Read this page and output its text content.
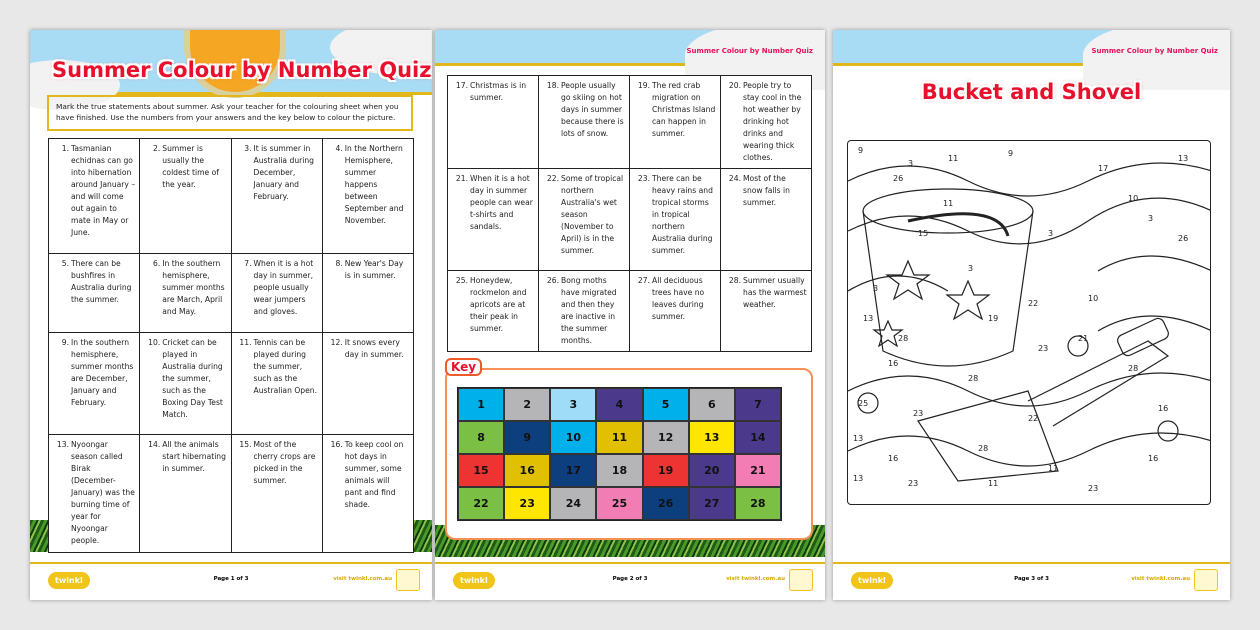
Summer Colour by Number Quiz
Mark the true statements about summer. Ask your teacher for the colouring sheet when you have finished. Use the numbers from your answers and the key below to colour the picture.
1. Tasmanian echidnas can go into hibernation around January – and will come out again to mate in May or June.	2. Summer is usually the coldest time of the year.	3. It is summer in Australia during December, January and February.	4. In the Northern Hemisphere, summer happens between September and November.

5. There can be bushfires in Australia during the summer.	6. In the southern hemisphere, summer months are March, April and May.	7. When it is a hot day in summer, people usually wear jumpers and gloves.	8. New Year's Day is in summer.

9. In the southern hemisphere, summer months are December, January and February.	10. Cricket can be played in Australia during the summer, such as the Boxing Day Test Match.	11. Tennis can be played during the summer, such as the Australian Open.	12. It snows every day in summer.

13. Nyoongar season called Birak (December-January) was the burning time of year for Nyoongar people.	14. All the animals start hibernating in summer.	15. Most of the cherry crops are picked in the summer.	16. To keep cool on hot days in summer, some animals will pant and find shade.
twinkl	Page 1 of 3	visit twinkl.com.au
Summer Colour by Number Quiz
17. Christmas is in summer.	18. People usually go skiing on hot days in summer because there is lots of snow.	19. The red crab migration on Christmas Island can happen in summer.	20. People try to stay cool in the hot weather by drinking hot drinks and wearing thick clothes.

21. When it is a hot day in summer people can wear t-shirts and sandals.	22. Some of tropical northern Australia's wet season (November to April) is in the summer.	23. There can be heavy rains and tropical storms in tropical northern Australia during summer.	24. Most of the snow falls in summer.

25. Honeydew, rockmelon and apricots are at their peak in summer.	26. Bong moths have migrated and then they are inactive in the summer months.	27. All deciduous trees have no leaves during summer.	28. Summer usually has the warmest weather.
Key
1	2	3	4	5	6	7
8	9	10	11	12	13	14
15	16	17	18	19	20	21
22	23	24	25	26	27	28
twinkl	Page 2 of 3	visit twinkl.com.au
Summer Colour by Number Quiz
Bucket and Shovel
9
3
26
11
9
13
17
10
3
11
15	3
26
3
3
19
22
10
13
28
23
21
16
28
25
23
22
28
16
23
13
11
11
16
23
16
28
13
twinkl	Page 3 of 3	visit twinkl.com.au
